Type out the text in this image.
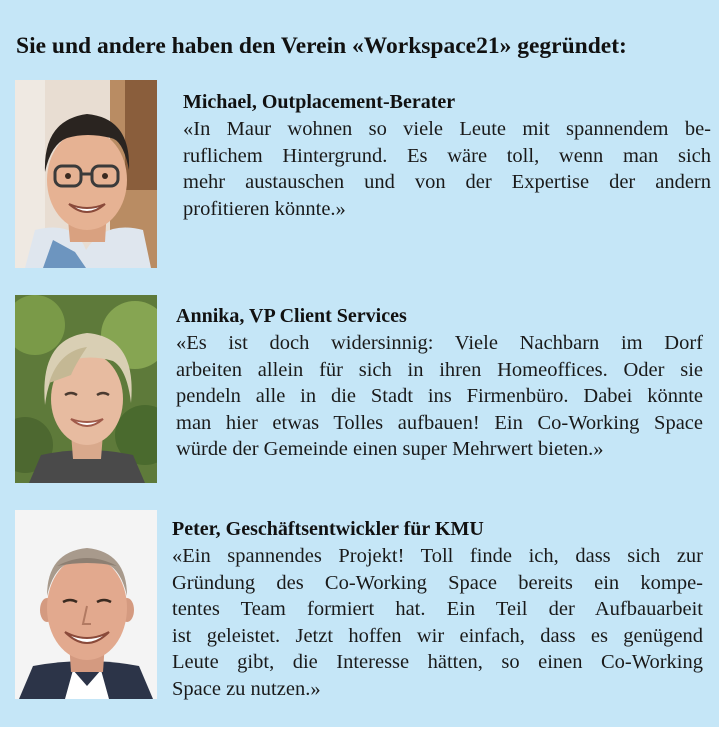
Sie und andere haben den Verein «Workspace21» gegründet:
Michael, Outplacement-Berater

«In Maur wohnen so viele Leute mit spannendem be-
ruflichem Hintergrund. Es wäre toll, wenn man sich
mehr austauschen und von der Expertise der andern
profitieren könnte.»

Annika, VP Client Services

«Es ist doch widersinnig: Viele Nachbarn im Dorf
arbeiten allein für sich in ihren Homeoffices. Oder sie
pendeln alle in die Stadt ins Firmenbüro. Dabei könnte
man hier etwas Tolles aufbauen! Ein Co-Working Space
würde der Gemeinde einen super Mehrwert bieten.»

Peter, Geschäftsentwickler für KMU

«Ein spannendes Projekt! Toll finde ich, dass sich zur
Gründung des Co-Working Space bereits ein kompe-
tentes Team formiert hat. Ein Teil der Aufbauarbeit
ist geleistet. Jetzt hoffen wir einfach, dass es genügend
Leute gibt, die Interesse hätten, so einen Co-Working
Space zu nutzen.»
